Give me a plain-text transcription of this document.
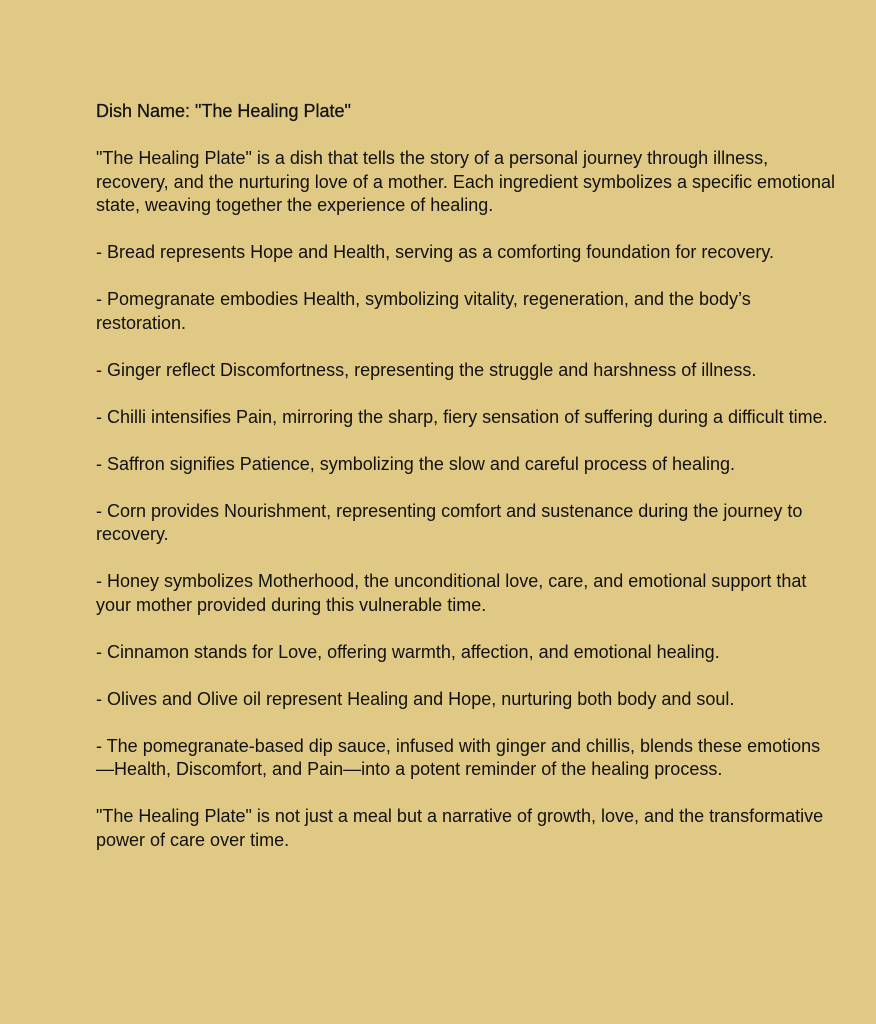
Dish Name: "The Healing Plate"

"The Healing Plate" is a dish that tells the story of a personal journey through illness, recovery, and the nurturing love of a mother. Each ingredient symbolizes a specific emotional state, weaving together the experience of healing.

- Bread represents Hope and Health, serving as a comforting foundation for recovery.

- Pomegranate embodies Health, symbolizing vitality, regeneration, and the body’s restoration.

- Ginger reflect Discomfortness, representing the struggle and harshness of illness.

- Chilli intensifies Pain, mirroring the sharp, fiery sensation of suffering during a difficult time.

- Saffron signifies Patience, symbolizing the slow and careful process of healing.

- Corn provides Nourishment, representing comfort and sustenance during the journey to recovery.

- Honey symbolizes Motherhood, the unconditional love, care, and emotional support that your mother provided during this vulnerable time.

- Cinnamon stands for Love, offering warmth, affection, and emotional healing.

- Olives and Olive oil represent Healing and Hope, nurturing both body and soul.

- The pomegranate-based dip sauce, infused with ginger and chillis, blends these emotions—Health, Discomfort, and Pain—into a potent reminder of the healing process.

"The Healing Plate" is not just a meal but a narrative of growth, love, and the transformative power of care over time.
